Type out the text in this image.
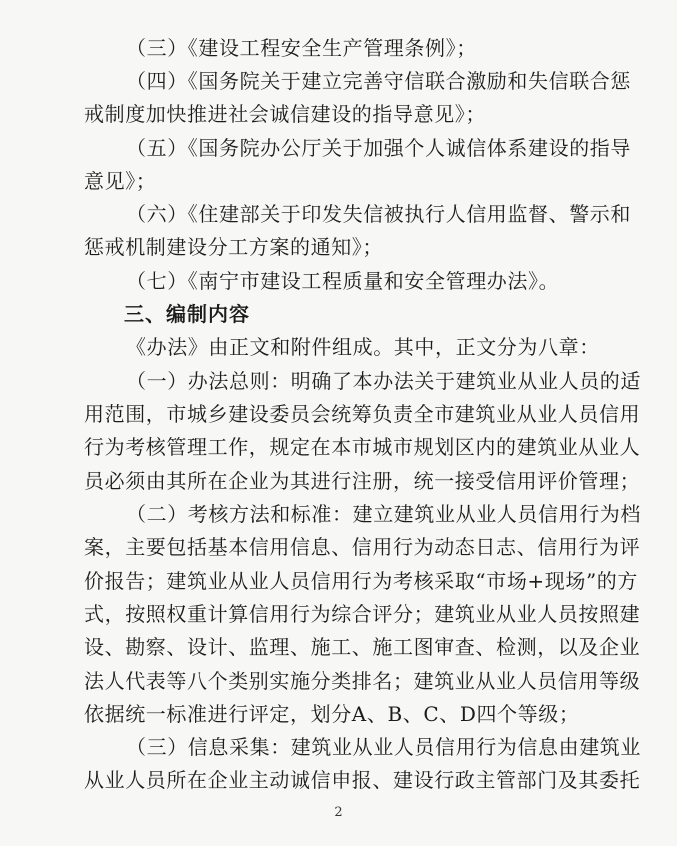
（三）《建设工程安全生产管理条例》；
（四）《国务院关于建立完善守信联合激励和失信联合惩
戒制度加快推进社会诚信建设的指导意见》；
（五）《国务院办公厅关于加强个人诚信体系建设的指导
意见》；
（六）《住建部关于印发失信被执行人信用监督、警示和
惩戒机制建设分工方案的通知》；
（七）《南宁市建设工程质量和安全管理办法》。
三、编制内容
《办法》由正文和附件组成。其中，正文分为八章：
（一）办法总则：明确了本办法关于建筑业从业人员的适
用范围，市城乡建设委员会统筹负责全市建筑业从业人员信用
行为考核管理工作，规定在本市城市规划区内的建筑业从业人
员必须由其所在企业为其进行注册，统一接受信用评价管理；
（二）考核方法和标准：建立建筑业从业人员信用行为档
案，主要包括基本信用信息、信用行为动态日志、信用行为评
价报告；建筑业从业人员信用行为考核采取“市场+现场”的方
式，按照权重计算信用行为综合评分；建筑业从业人员按照建
设、勘察、设计、监理、施工、施工图审查、检测，以及企业
法人代表等八个类别实施分类排名；建筑业从业人员信用等级
依据统一标准进行评定，划分A、B、C、D四个等级；
（三）信息采集：建筑业从业人员信用行为信息由建筑业
从业人员所在企业主动诚信申报、建设行政主管部门及其委托
2
